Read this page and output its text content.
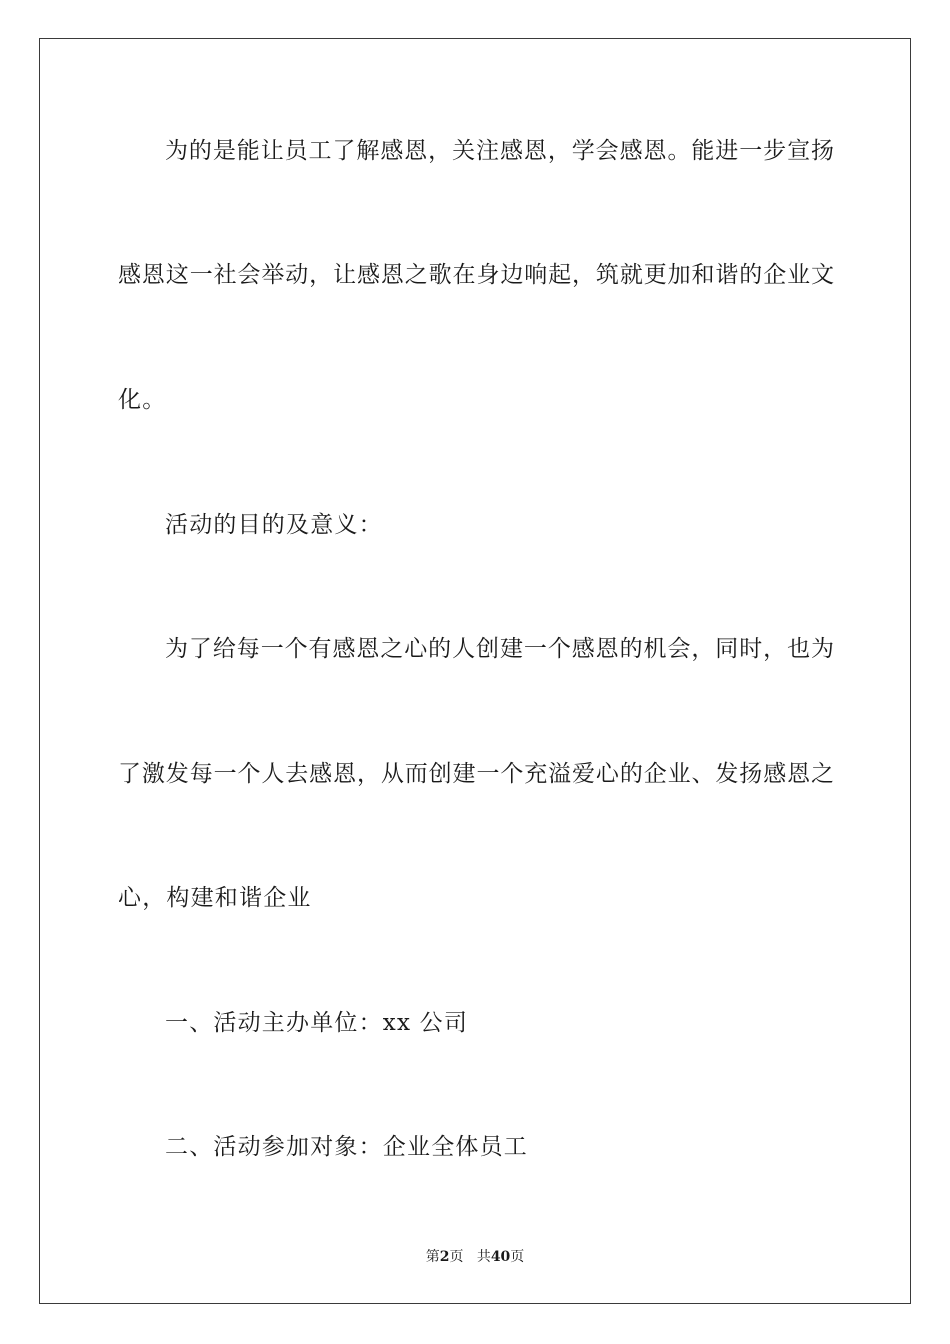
为的是能让员工了解感恩，关注感恩，学会感恩。能进一步宣扬
感恩这一社会举动，让感恩之歌在身边响起，筑就更加和谐的企业文
化。
活动的目的及意义：
为了给每一个有感恩之心的人创建一个感恩的机会，同时，也为
了激发每一个人去感恩，从而创建一个充溢爱心的企业、发扬感恩之
心，构建和谐企业
一、活动主办单位：xx 公司
二、活动参加对象：企业全体员工
第2页 共40页
